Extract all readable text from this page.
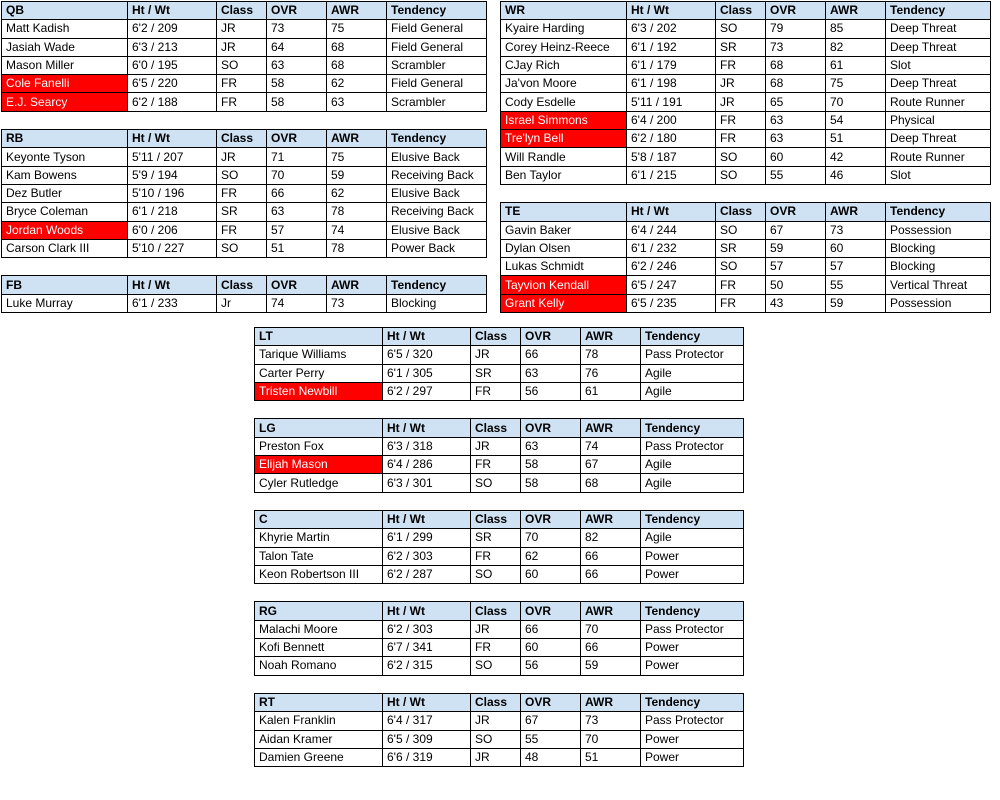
QB	Ht / Wt	Class	OVR	AWR	Tendency
Matt Kadish	6'2 / 209	JR	73	75	Field General
Jasiah Wade	6'3 / 213	JR	64	68	Field General
Mason Miller	6'0 / 195	SO	63	68	Scrambler
Cole Fanelli	6'5 / 220	FR	58	62	Field General
E.J. Searcy	6'2 / 188	FR	58	63	Scrambler

RB	Ht / Wt	Class	OVR	AWR	Tendency
Keyonte Tyson	5'11 / 207	JR	71	75	Elusive Back
Kam Bowens	5'9 / 194	SO	70	59	Receiving Back
Dez Butler	5'10 / 196	FR	66	62	Elusive Back
Bryce Coleman	6'1 / 218	SR	63	78	Receiving Back
Jordan Woods	6'0 / 206	FR	57	74	Elusive Back
Carson Clark III	5'10 / 227	SO	51	78	Power Back

FB	Ht / Wt	Class	OVR	AWR	Tendency
Luke Murray	6'1 / 233	Jr	74	73	Blocking
WR	Ht / Wt	Class	OVR	AWR	Tendency
Kyaire Harding	6'3 / 202	SO	79	85	Deep Threat
Corey Heinz-Reece	6'1 / 192	SR	73	82	Deep Threat
CJay Rich	6'1 / 179	FR	68	61	Slot
Ja'von Moore	6'1 / 198	JR	68	75	Deep Threat
Cody Esdelle	5'11 / 191	JR	65	70	Route Runner
Israel Simmons	6'4 / 200	FR	63	54	Physical
Tre'lyn Bell	6'2 / 180	FR	63	51	Deep Threat
Will Randle	5'8 / 187	SO	60	42	Route Runner
Ben Taylor	6'1 / 215	SO	55	46	Slot

TE	Ht / Wt	Class	OVR	AWR	Tendency
Gavin Baker	6'4 / 244	SO	67	73	Possession
Dylan Olsen	6'1 / 232	SR	59	60	Blocking
Lukas Schmidt	6'2 / 246	SO	57	57	Blocking
Tayvion Kendall	6'5 / 247	FR	50	55	Vertical Threat
Grant Kelly	6'5 / 235	FR	43	59	Possession
LT	Ht / Wt	Class	OVR	AWR	Tendency
Tarique Williams	6'5 / 320	JR	66	78	Pass Protector
Carter Perry	6'1 / 305	SR	63	76	Agile
Tristen Newbill	6'2 / 297	FR	56	61	Agile

LG	Ht / Wt	Class	OVR	AWR	Tendency
Preston Fox	6'3 / 318	JR	63	74	Pass Protector
Elijah Mason	6'4 / 286	FR	58	67	Agile
Cyler Rutledge	6'3 / 301	SO	58	68	Agile

C	Ht / Wt	Class	OVR	AWR	Tendency
Khyrie Martin	6'1 / 299	SR	70	82	Agile
Talon Tate	6'2 / 303	FR	62	66	Power
Keon Robertson III	6'2 / 287	SO	60	66	Power

RG	Ht / Wt	Class	OVR	AWR	Tendency
Malachi Moore	6'2 / 303	JR	66	70	Pass Protector
Kofi Bennett	6'7 / 341	FR	60	66	Power
Noah Romano	6'2 / 315	SO	56	59	Power

RT	Ht / Wt	Class	OVR	AWR	Tendency
Kalen Franklin	6'4 / 317	JR	67	73	Pass Protector
Aidan Kramer	6'5 / 309	SO	55	70	Power
Damien Greene	6'6 / 319	JR	48	51	Power
